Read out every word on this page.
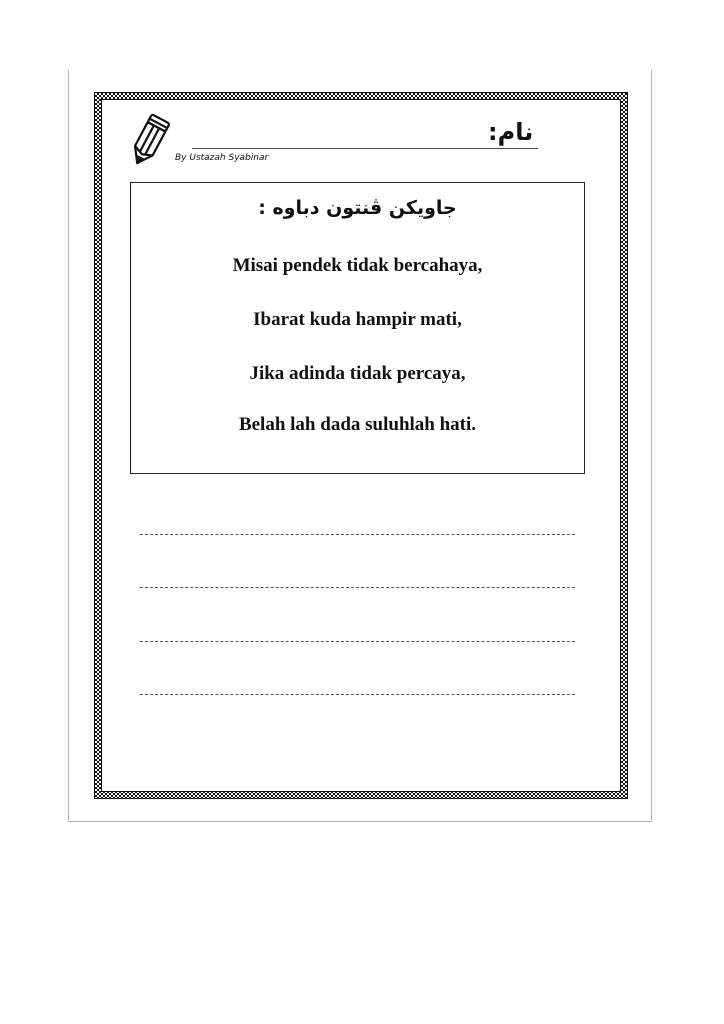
نام:
By Ustazah Syabinar
جاويكن ڤنتون دباوه :
Misai pendek tidak bercahaya,
Ibarat kuda hampir mati,
Jika adinda tidak percaya,
Belah lah dada suluhlah hati.
